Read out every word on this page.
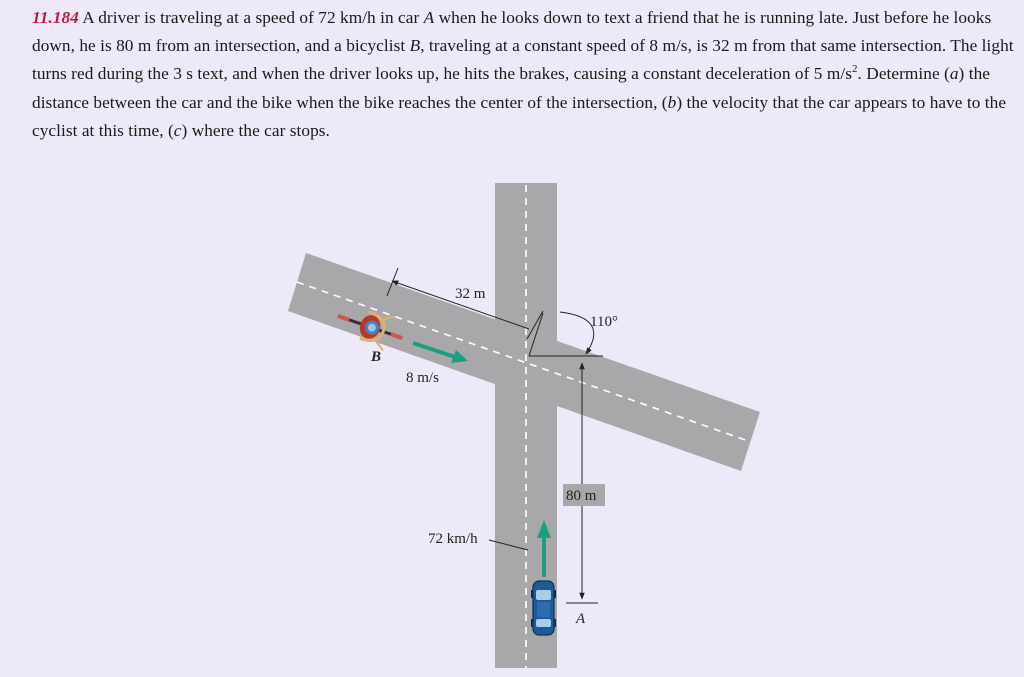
11.184 A driver is traveling at a speed of 72 km/h in car A when he looks down to text a friend that he is running late. Just before he looks down, he is 80 m from an intersection, and a bicyclist B, traveling at a constant speed of 8 m/s, is 32 m from that same intersection. The light turns red during the 3 s text, and when the driver looks up, he hits the brakes, causing a constant deceleration of 5 $m/s^2$. Determine (a) the distance between the car and the bike when the bike reaches the center of the intersection, (b) the velocity that the car appears to have to the cyclist at this time, (c) where the car stops.
32 m
110°
80 m
A
B
8 m/s
72 km/h
